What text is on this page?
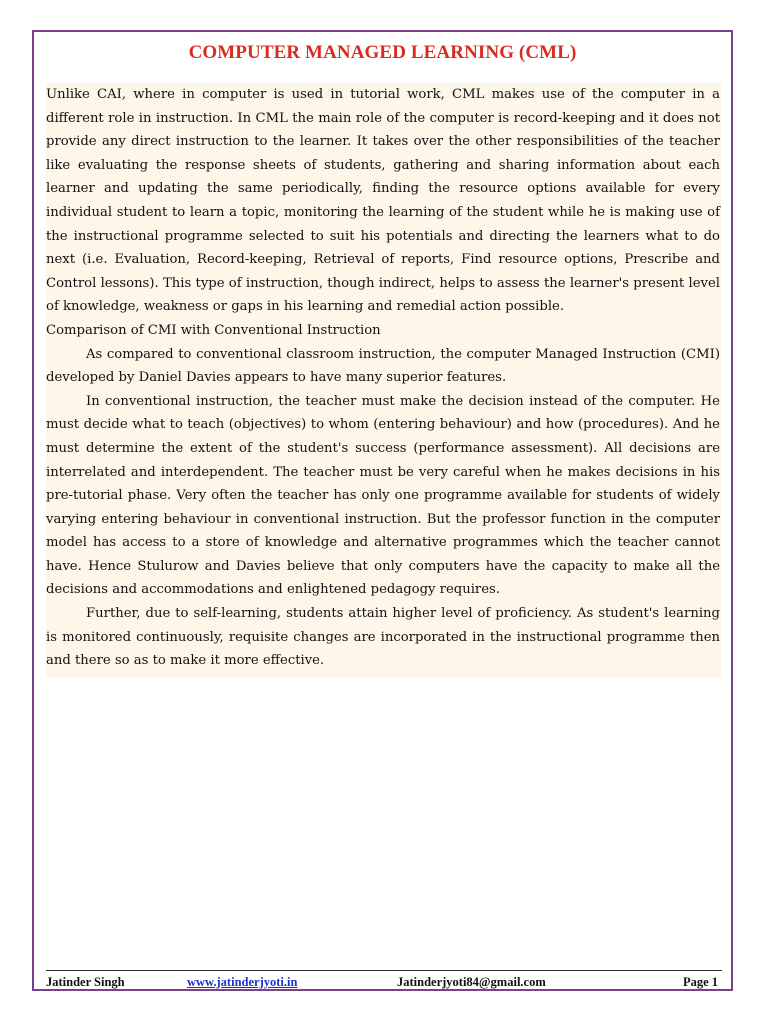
COMPUTER MANAGED LEARNING (CML)

Unlike CAI, where in computer is used in tutorial work, CML makes use of the computer in a different role in instruction. In CML the main role of the computer is record-keeping and it does not provide any direct instruction to the learner. It takes over the other responsibilities of the teacher like evaluating the response sheets of students, gathering and sharing information about each learner and updating the same periodically, finding the resource options available for every individual student to learn a topic, monitoring the learning of the student while he is making use of the instructional programme selected to suit his potentials and directing the learners what to do next (i.e. Evaluation, Record-keeping, Retrieval of reports, Find resource options, Prescribe and Control lessons). This type of instruction, though indirect, helps to assess the learner's present level of knowledge, weakness or gaps in his learning and remedial action possible.

Comparison of CMI with Conventional Instruction

As compared to conventional classroom instruction, the computer Managed Instruction (CMI) developed by Daniel Davies appears to have many superior features.

In conventional instruction, the teacher must make the decision instead of the computer. He must decide what to teach (objectives) to whom (entering behaviour) and how (procedures). And he must determine the extent of the student's success (performance assessment). All decisions are interrelated and interdependent. The teacher must be very careful when he makes decisions in his pre-tutorial phase. Very often the teacher has only one programme available for students of widely varying entering behaviour in conventional instruction. But the professor function in the computer model has access to a store of knowledge and alternative programmes which the teacher cannot have. Hence Stulurow and Davies believe that only computers have the capacity to make all the decisions and accommodations and enlightened pedagogy requires.

Further, due to self-learning, students attain higher level of proficiency. As student's learning is monitored continuously, requisite changes are incorporated in the instructional programme then and there so as to make it more effective.

Jatinder Singh	www.jatinderjyoti.in	Jatinderjyoti84@gmail.com	Page 1
